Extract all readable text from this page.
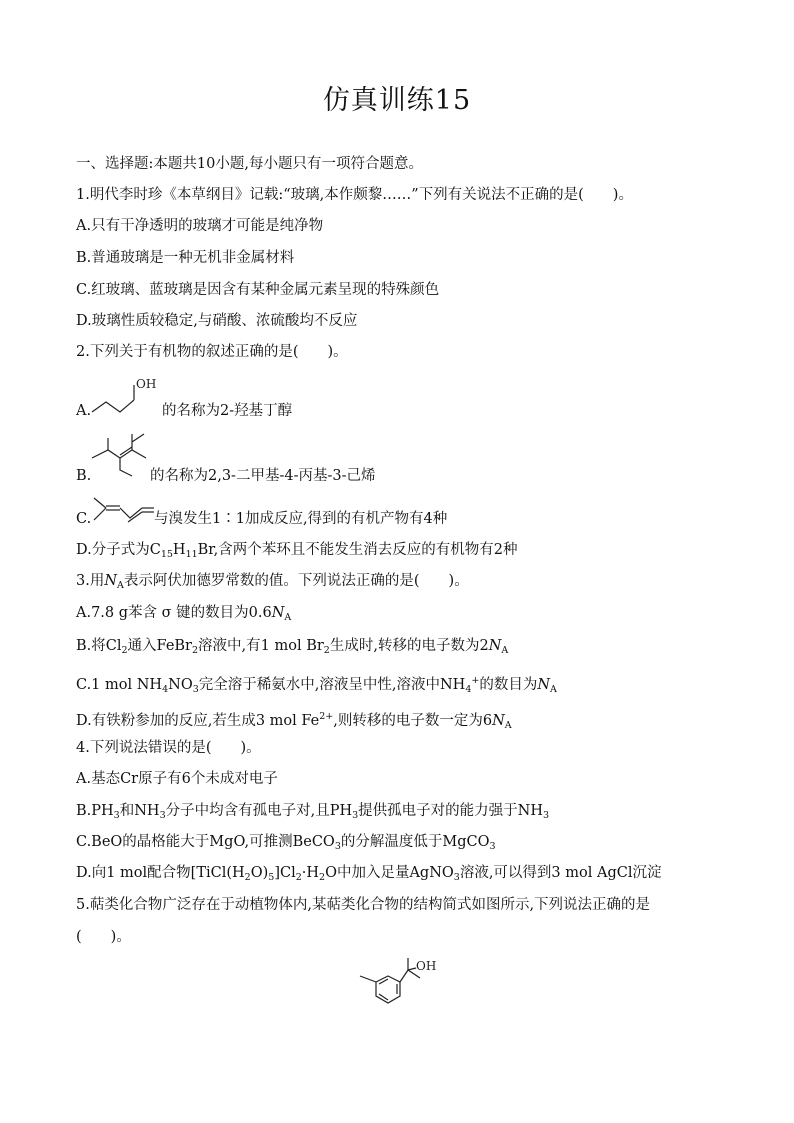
仿真训练15
一、选择题:本题共10小题,每小题只有一项符合题意。
1.明代李时珍《本草纲目》记载:“玻璃,本作颇黎……”下列有关说法不正确的是(　　)。
A.只有干净透明的玻璃才可能是纯净物
B.普通玻璃是一种无机非金属材料
C.红玻璃、蓝玻璃是因含有某种金属元素呈现的特殊颜色
D.玻璃性质较稳定,与硝酸、浓硫酸均不反应
2.下列关于有机物的叙述正确的是(　　)。
A.
OH
的名称为2-羟基丁醇
B.	的名称为2,3-二甲基-4-丙基-3-己烯
C.	与溴发生1∶1加成反应,得到的有机产物有4种
D.分子式为$C_{15}H_{11}Br$,含两个苯环且不能发生消去反应的有机物有2种
3.用$N_A$表示阿伏加德罗常数的值。下列说法正确的是(　　)。
A.7.8 g苯含 σ 键的数目为$0.6N_A$
B.将$Cl_2$通入FeBr$_2$溶液中,有1 mol $Br_2$生成时,转移的电子数为$2N_A$
C.1 mol $NH_4NO_3$完全溶于稀氨水中,溶液呈中性,溶液中$NH_4^+$的数目为$N_A$
D.有铁粉参加的反应,若生成3 mol $Fe^{2+}$,则转移的电子数一定为$6N_A$
4.下列说法错误的是(　　)。
A.基态Cr原子有6个未成对电子
$B.PH_3$和$NH_3$分子中均含有孤电子对,且$PH_3$提供孤电子对的能力强于$NH_3$
C.BeO的晶格能大于MgO,可推测BeCO$_3$的分解温度低于MgCO$_3$
D.向1 mol配合物$[TiCl(H_2O)_5]Cl_2\cdot H_2O$中加入足量AgNO$_3$溶液,可以得到3 mol AgCl沉淀
5.萜类化合物广泛存在于动植物体内,某萜类化合物的结构简式如图所示,下列说法正确的是
(　　)。
OH
